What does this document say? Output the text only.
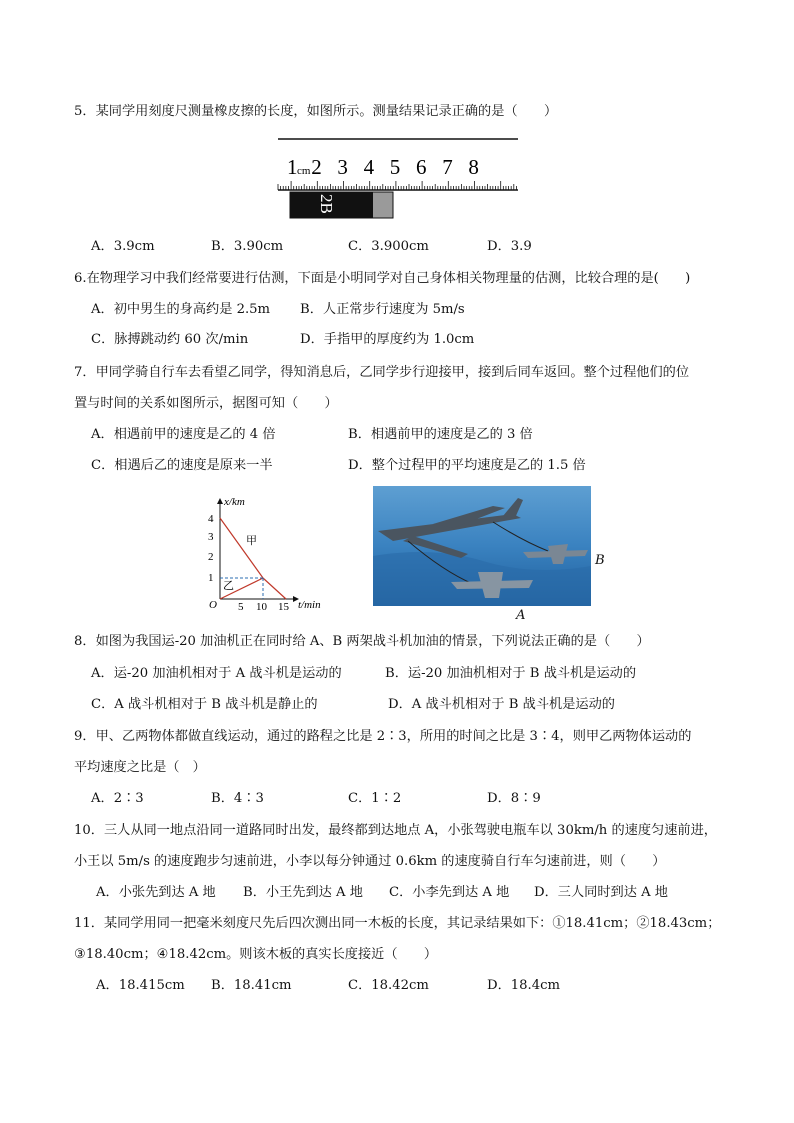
5．某同学用刻度尺测量橡皮擦的长度，如图所示。测量结果记录正确的是（　　）
1 cm 2 3 4 5 6 7 8
2B
A．3.9cm	B．3.90cm	C．3.900cm	D．3.9
6.在物理学习中我们经常要进行估测，下面是小明同学对自己身体相关物理量的估测，比较合理的是(　　)
A．初中男生的身高约是 2.5m B．人正常步行速度为 5m/s
C．脉搏跳动约 60 次/min	D．手指甲的厚度约为 1.0cm
7．甲同学骑自行车去看望乙同学，得知消息后，乙同学步行迎接甲，接到后同车返回。整个过程他们的位
置与时间的关系如图所示，据图可知（　　）
A．相遇前甲的速度是乙的 4 倍	B．相遇前甲的速度是乙的 3 倍
C．相遇后乙的速度是原来一半	D．整个过程甲的平均速度是乙的 1.5 倍
x/km
t/min
O
1
2
3
4
5 10 15
甲
乙
B
A
8．如图为我国运-20 加油机正在同时给 A、B 两架战斗机加油的情景，下列说法正确的是（　　）
A．运-20 加油机相对于 A 战斗机是运动的	B．运-20 加油机相对于 B 战斗机是运动的
C．A 战斗机相对于 B 战斗机是静止的	D．A 战斗机相对于 B 战斗机是运动的
9．甲、乙两物体都做直线运动，通过的路程之比是 2∶3，所用的时间之比是 3∶4，则甲乙两物体运动的
平均速度之比是（　）
A．2∶3	B．4∶3	C．1∶2	D．8∶9
10．三人从同一地点沿同一道路同时出发，最终都到达地点 A，小张驾驶电瓶车以 30km/h 的速度匀速前进，
小王以 5m/s 的速度跑步匀速前进，小李以每分钟通过 0.6km 的速度骑自行车匀速前进，则（　　）
A．小张先到达 A 地 B．小王先到达 A 地 C．小李先到达 A 地 D．三人同时到达 A 地
11．某同学用同一把毫米刻度尺先后四次测出同一木板的长度，其记录结果如下：①18.41cm；②18.43cm；
③18.40cm；④18.42cm。则该木板的真实长度接近（　　）
A．18.415cm B．18.41cm	C．18.42cm	D．18.4cm
